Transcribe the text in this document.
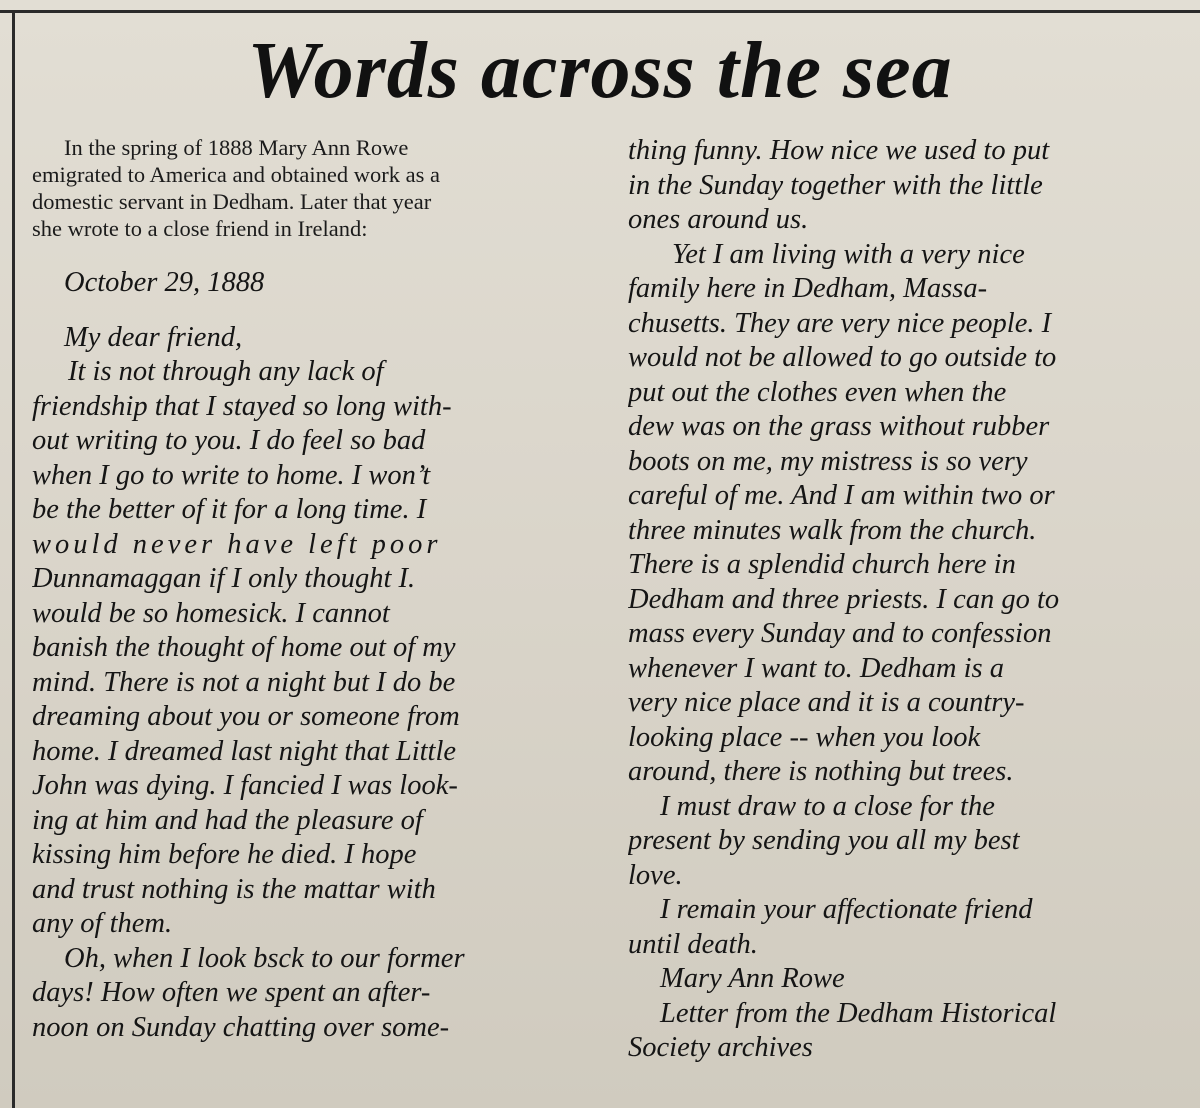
Words across the sea
In the spring of 1888 Mary Ann Rowe
emigrated to America and obtained work as a
domestic servant in Dedham. Later that year
she wrote to a close friend in Ireland:
October 29, 1888
My dear friend,
It is not through any lack of
friendship that I stayed so long with-
out writing to you. I do feel so bad
when I go to write to home. I won’t
be the better of it for a long time. I
would never have left poor
Dunnamaggan if I only thought I.
would be so homesick. I cannot
banish the thought of home out of my
mind. There is not a night but I do be
dreaming about you or someone from
home. I dreamed last night that Little
John was dying. I fancied I was look-
ing at him and had the pleasure of
kissing him before he died. I hope
and trust nothing is the mattar with
any of them.
Oh, when I look bsck to our former
days! How often we spent an after-
noon on Sunday chatting over some-
thing funny. How nice we used to put
in the Sunday together with the little
ones around us.
Yet I am living with a very nice
family here in Dedham, Massa-
chusetts. They are very nice people. I
would not be allowed to go outside to
put out the clothes even when the
dew was on the grass without rubber
boots on me, my mistress is so very
careful of me. And I am within two or
three minutes walk from the church.
There is a splendid church here in
Dedham and three priests. I can go to
mass every Sunday and to confession
whenever I want to. Dedham is a
very nice place and it is a country-
looking place -- when you look
around, there is nothing but trees.
I must draw to a close for the
present by sending you all my best
love.
I remain your affectionate friend
until death.
Mary Ann Rowe
Letter from the Dedham Historical
Society archives
